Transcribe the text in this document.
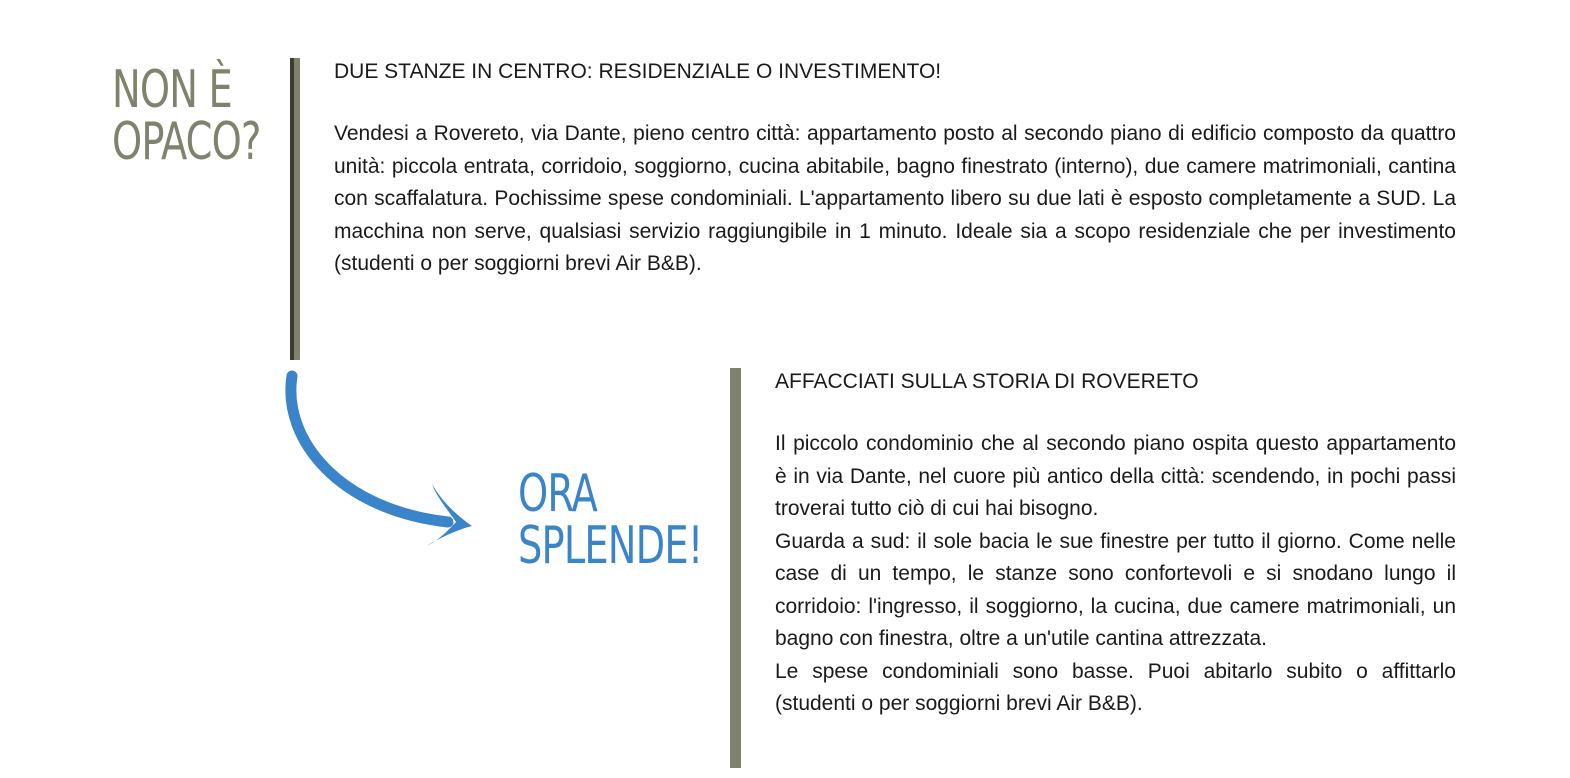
NON È
OPACO?
DUE STANZE IN CENTRO: RESIDENZIALE O INVESTIMENTO!

Vendesi a Rovereto, via Dante, pieno centro città: appartamento posto al secondo piano di edificio composto da quattro unità: piccola entrata, corridoio, soggiorno, cucina abitabile, bagno finestrato (interno), due camere matrimoniali, cantina con scaffalatura. Pochissime spese condominiali. L'appartamento libero su due lati è esposto completamente a SUD. La macchina non serve, qualsiasi servizio raggiungibile in 1 minuto. Ideale sia a scopo residenziale che per investimento (studenti o per soggiorni brevi Air B&B).

ORA
SPLENDE!
AFFACCIATI SULLA STORIA DI ROVERETO

Il piccolo condominio che al secondo piano ospita questo appartamento è in via Dante, nel cuore più antico della città: scendendo, in pochi passi troverai tutto ciò di cui hai bisogno.

Guarda a sud: il sole bacia le sue finestre per tutto il giorno. Come nelle case di un tempo, le stanze sono confortevoli e si snodano lungo il corridoio: l'ingresso, il soggiorno, la cucina, due camere matrimoniali, un bagno con finestra, oltre a un'utile cantina attrezzata.

Le spese condominiali sono basse. Puoi abitarlo subito o affittarlo (studenti o per soggiorni brevi Air B&B).
